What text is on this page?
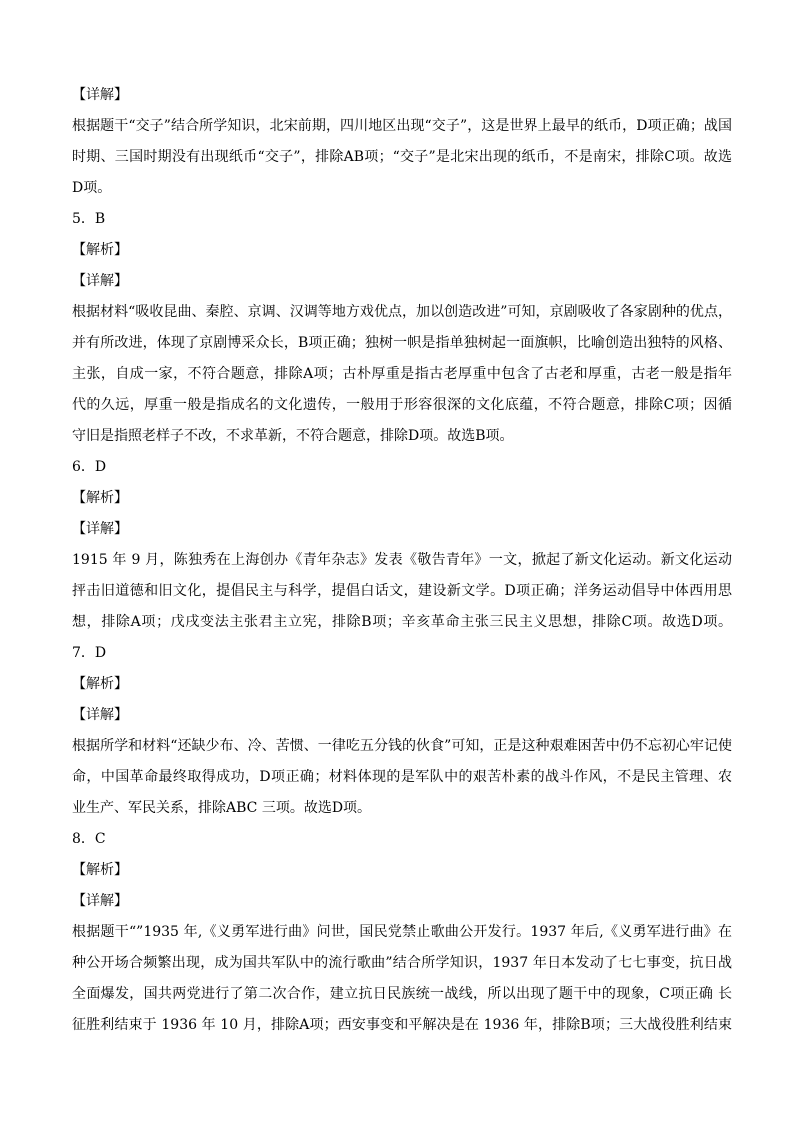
【详解】
根据题干“交子”结合所学知识，北宋前期，四川地区出现“交子”，这是世界上最早的纸币，D项正确；战国
时期、三国时期没有出现纸币“交子”，排除AB项；“交子”是北宋出现的纸币，不是南宋，排除C项。故选
D项。
5．B
【解析】
【详解】
根据材料“吸收昆曲、秦腔、京调、汉调等地方戏优点，加以创造改进”可知，京剧吸收了各家剧种的优点，
并有所改进，体现了京剧博采众长，B项正确；独树一帜是指单独树起一面旗帜，比喻创造出独特的风格、
主张，自成一家，不符合题意，排除A项；古朴厚重是指古老厚重中包含了古老和厚重，古老一般是指年
代的久远，厚重一般是指成名的文化遗传，一般用于形容很深的文化底蕴，不符合题意，排除C项；因循
守旧是指照老样子不改，不求革新，不符合题意，排除D项。故选B项。
6．D
【解析】
【详解】
1915 年 9 月，陈独秀在上海创办《青年杂志》发表《敬告青年》一文，掀起了新文化运动。新文化运动
抨击旧道德和旧文化，提倡民主与科学，提倡白话文，建设新文学。D项正确；洋务运动倡导中体西用思
想，排除A项；戊戌变法主张君主立宪，排除B项；辛亥革命主张三民主义思想，排除C项。故选D项。
7．D
【解析】
【详解】
根据所学和材料“还缺少布、冷、苦惯、一律吃五分钱的伙食”可知，正是这种艰难困苦中仍不忘初心牢记使
命，中国革命最终取得成功，D项正确；材料体现的是军队中的艰苦朴素的战斗作风，不是民主管理、农
业生产、军民关系，排除ABC 三项。故选D项。
8．C
【解析】
【详解】
根据题干“”1935 年,《义勇军进行曲》问世，国民党禁止歌曲公开发行。1937 年后,《义勇军进行曲》在
种公开场合频繁出现，成为国共军队中的流行歌曲”结合所学知识，1937 年日本发动了七七事变，抗日战
全面爆发，国共两党进行了第二次合作，建立抗日民族统一战线，所以出现了题干中的现象，C项正确 长
征胜利结束于 1936 年 10 月，排除A项；西安事变和平解决是在 1936 年，排除B项；三大战役胜利结束
